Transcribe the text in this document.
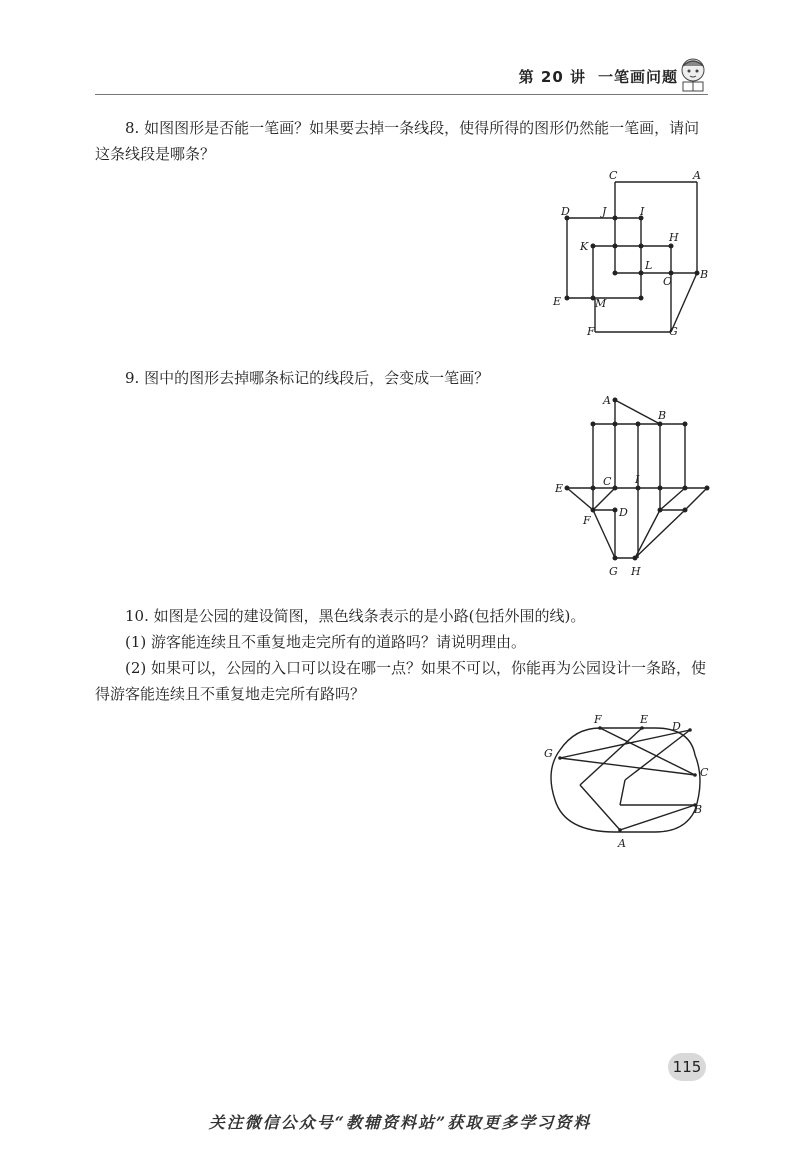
第 20 讲 一笔画问题

8. 如图图形是否能一笔画？如果要去掉一条线段，使得所得的图形仍然能一笔画，请问

这条线段是哪条？

C	A
D	J	I
K
H
L
O
B
E	M
F	G

9. 图中的图形去掉哪条标记的线段后，会变成一笔画？

A
B
C I
E
F
D
G H

10. 如图是公园的建设简图，黑色线条表示的是小路(包括外围的线)。

(1) 游客能连续且不重复地走完所有的道路吗？请说明理由。

(2) 如果可以，公园的入口可以设在哪一点？如果不可以，你能再为公园设计一条路，使

得游客能连续且不重复地走完所有路吗？

F	E
D
G
C
B
A
115
关注微信公众号“教辅资料站”获取更多学习资料
